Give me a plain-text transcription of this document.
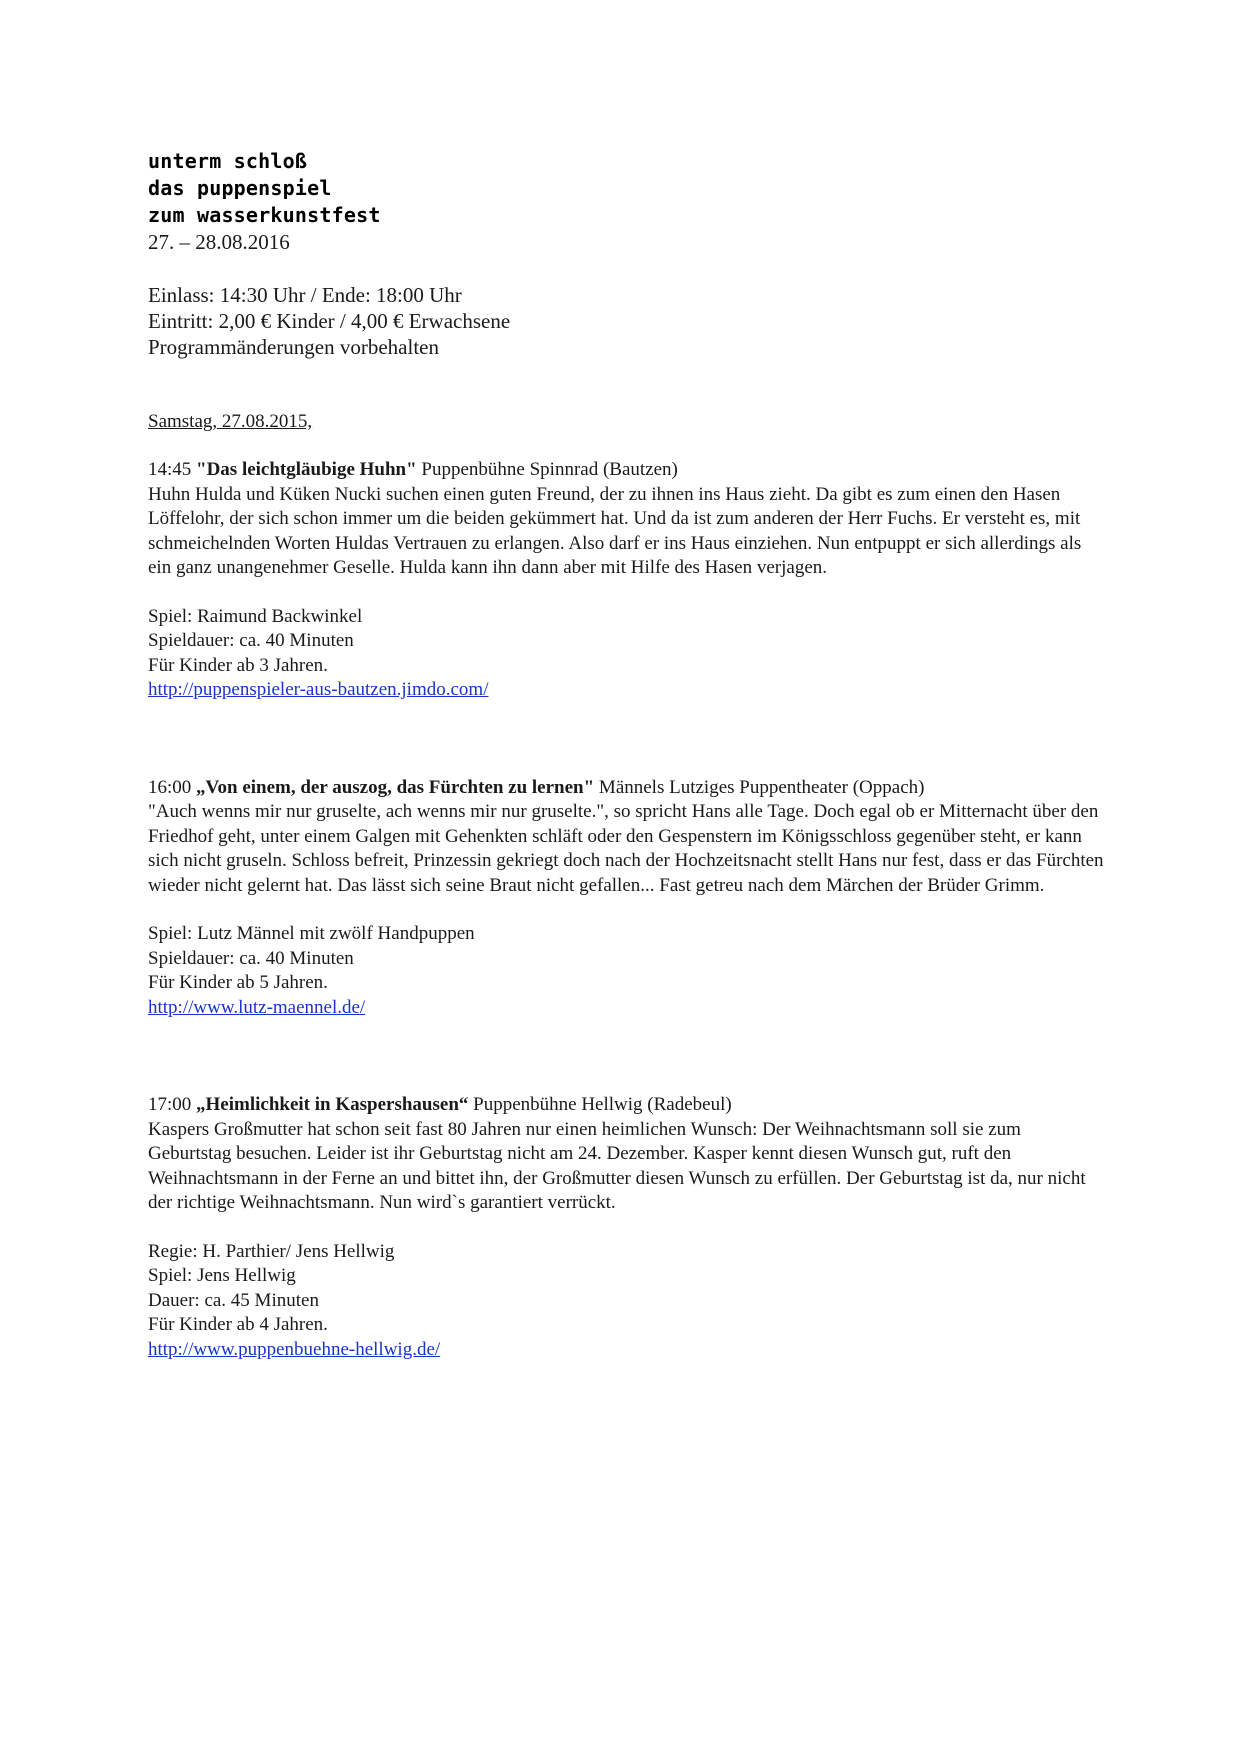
unterm schloß
das puppenspiel
zum wasserkunstfest
27. – 28.08.2016
Einlass: 14:30 Uhr / Ende: 18:00 Uhr
Eintritt: 2,00 € Kinder / 4,00 € Erwachsene
Programmänderungen vorbehalten
Samstag, 27.08.2015,
14:45 "Das leichtgläubige Huhn" Puppenbühne Spinnrad (Bautzen)
Huhn Hulda und Küken Nucki suchen einen guten Freund, der zu ihnen ins Haus zieht. Da gibt es zum einen den Hasen Löffelohr, der sich schon immer um die beiden gekümmert hat. Und da ist zum anderen der Herr Fuchs. Er versteht es, mit schmeichelnden Worten Huldas Vertrauen zu erlangen. Also darf er ins Haus einziehen. Nun entpuppt er sich allerdings als ein ganz unangenehmer Geselle. Hulda kann ihn dann aber mit Hilfe des Hasen verjagen.
Spiel: Raimund Backwinkel
Spieldauer: ca. 40 Minuten
Für Kinder ab 3 Jahren.
http://puppenspieler-aus-bautzen.jimdo.com/
16:00 „Von einem, der auszog, das Fürchten zu lernen" Männels Lutziges Puppentheater (Oppach)
"Auch wenns mir nur gruselte, ach wenns mir nur gruselte.", so spricht Hans alle Tage. Doch egal ob er Mitternacht über den Friedhof geht, unter einem Galgen mit Gehenkten schläft oder den Gespenstern im Königsschloss gegenüber steht, er kann sich nicht gruseln. Schloss befreit, Prinzessin gekriegt doch nach der Hochzeitsnacht stellt Hans nur fest, dass er das Fürchten wieder nicht gelernt hat. Das lässt sich seine Braut nicht gefallen... Fast getreu nach dem Märchen der Brüder Grimm.
Spiel: Lutz Männel mit zwölf Handpuppen
Spieldauer: ca. 40 Minuten
Für Kinder ab 5 Jahren.
http://www.lutz-maennel.de/
17:00 „Heimlichkeit in Kaspershausen“ Puppenbühne Hellwig (Radebeul)
Kaspers Großmutter hat schon seit fast 80 Jahren nur einen heimlichen Wunsch: Der Weihnachtsmann soll sie zum Geburtstag besuchen. Leider ist ihr Geburtstag nicht am 24. Dezember. Kasper kennt diesen Wunsch gut, ruft den Weihnachtsmann in der Ferne an und bittet ihn, der Großmutter diesen Wunsch zu erfüllen. Der Geburtstag ist da, nur nicht der richtige Weihnachtsmann. Nun wird`s garantiert verrückt.
Regie: H. Parthier/ Jens Hellwig
Spiel: Jens Hellwig
Dauer: ca. 45 Minuten
Für Kinder ab 4 Jahren.
http://www.puppenbuehne-hellwig.de/
